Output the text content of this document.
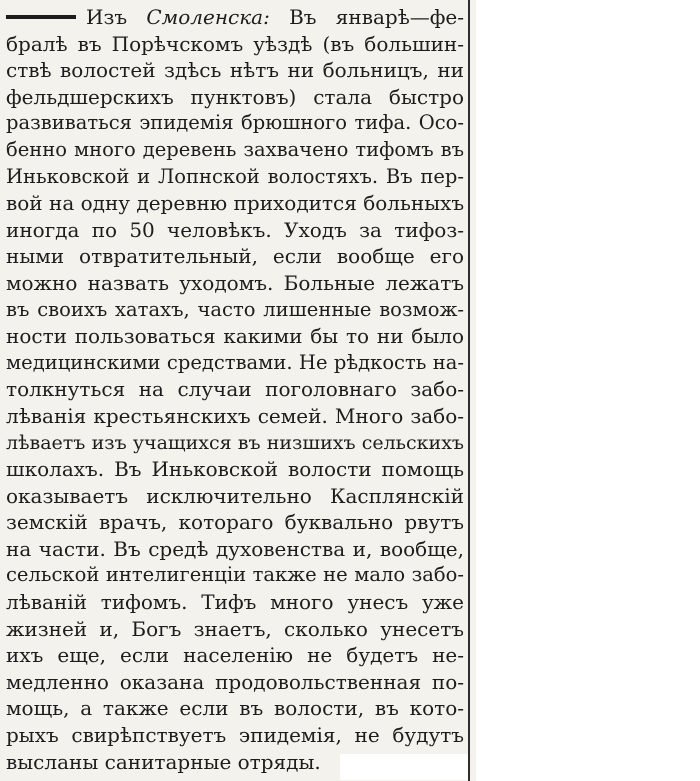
Изъ Смоленска: Въ январѣ—фе-
бралѣ въ Порѣчскомъ уѣздѣ (въ большин-
ствѣ волостей здѣсь нѣтъ ни больницъ, ни
фельдшерскихъ пунктовъ) стала быстро
развиваться эпидемія брюшного тифа. Осо-
бенно много деревень захвачено тифомъ въ
Иньковской и Лопнской волостяхъ. Въ пер-
вой на одну деревню приходится больныхъ
иногда по 50 человѣкъ. Уходъ за тифоз-
ными отвратительный, если вообще его
можно назвать уходомъ. Больные лежатъ
въ своихъ хатахъ, часто лишенные возмож-
ности пользоваться какими бы то ни было
медицинскими средствами. Не рѣдкость на-
толкнуться на случаи поголовнаго забо-
лѣванія крестьянскихъ семей. Много забо-
лѣваетъ изъ учащихся въ низшихъ сельскихъ
школахъ. Въ Иньковской волости помощь
оказываетъ исключительно Касплянскій
земскій врачъ, котораго буквально рвутъ
на части. Въ средѣ духовенства и, вообще,
сельской интелигенціи также не мало забо-
лѣваній тифомъ. Тифъ много унесъ уже
жизней и, Богъ знаетъ, сколько унесетъ
ихъ еще, если населенію не будетъ не-
медленно оказана продовольственная по-
мощь, а также если въ волости, въ кото-
рыхъ свирѣпствуетъ эпидемія, не будутъ
высланы санитарные отряды.
